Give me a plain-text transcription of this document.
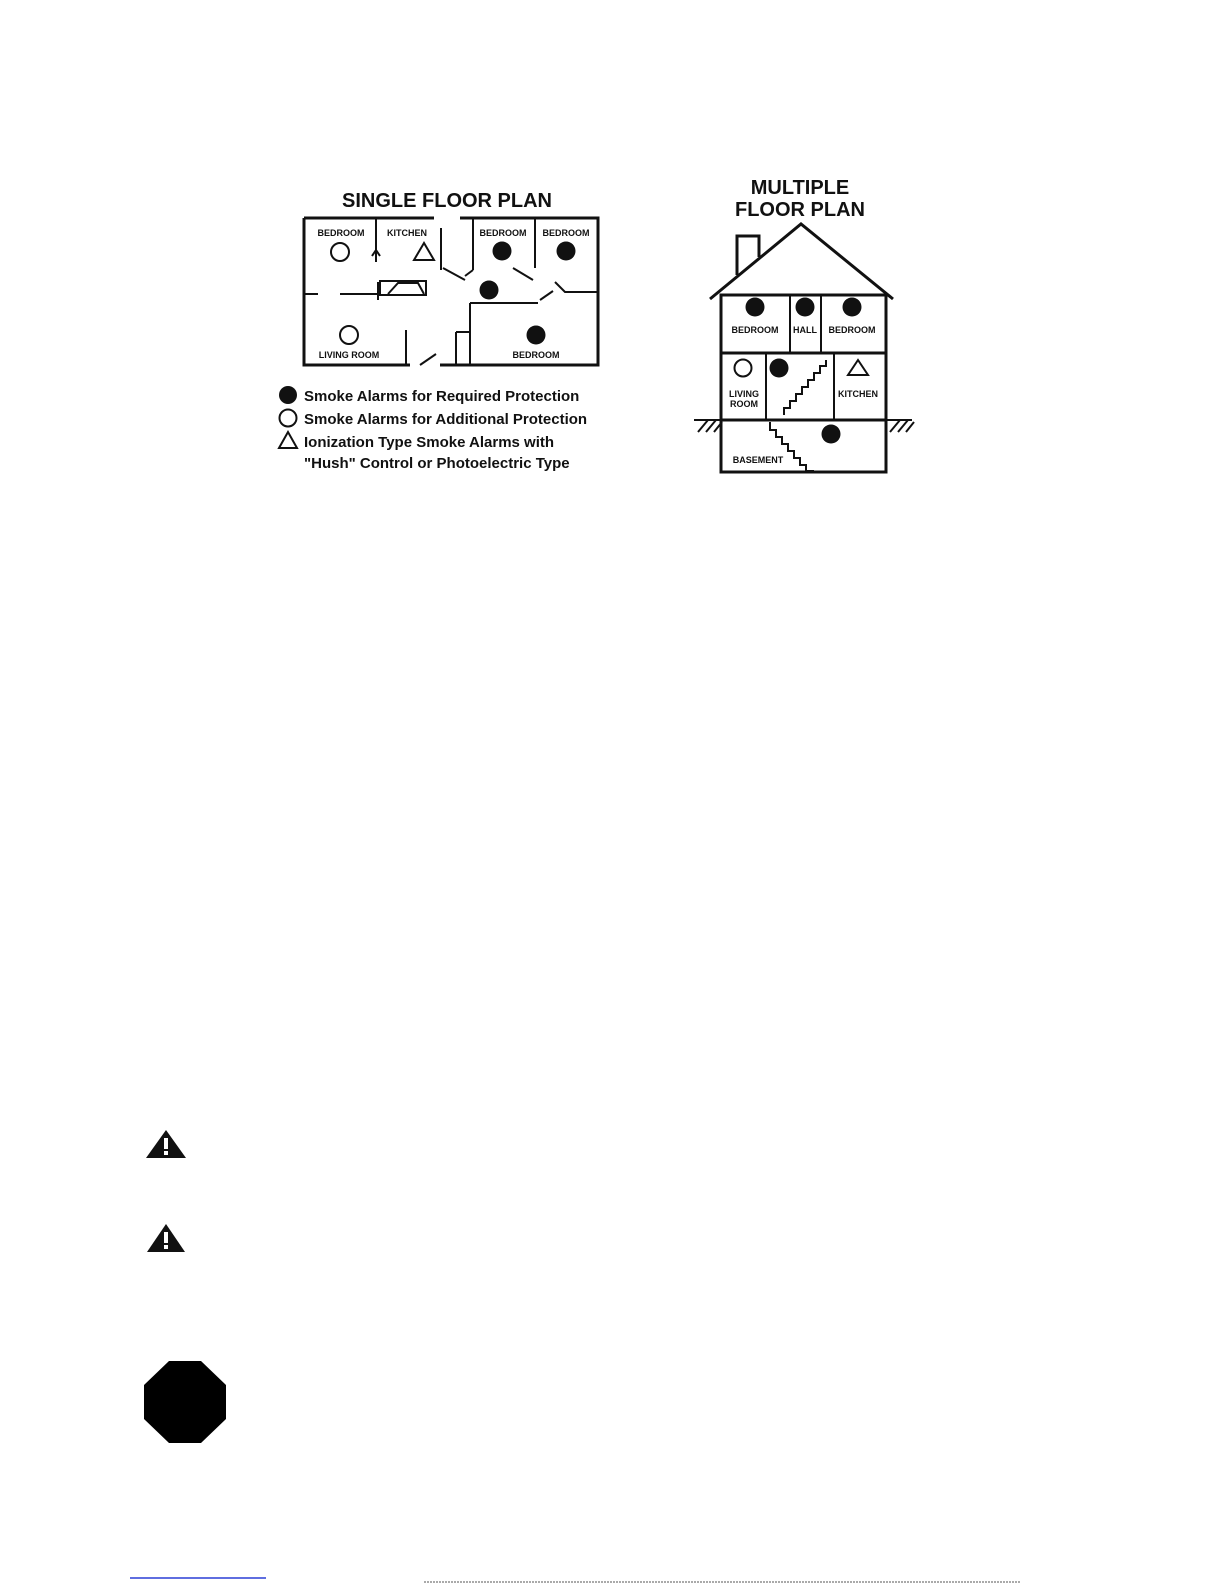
SINGLE FLOOR PLAN
BEDROOM	KITCHEN	BEDROOM BEDROOM
LIVING ROOM	BEDROOM
Smoke Alarms for Required Protection
Smoke Alarms for Additional Protection
Ionization Type Smoke Alarms with
"Hush" Control or Photoelectric Type
MULTIPLE
FLOOR PLAN
BEDROOM HALL BEDROOM
LIVING
ROOM
KITCHEN
BASEMENT
